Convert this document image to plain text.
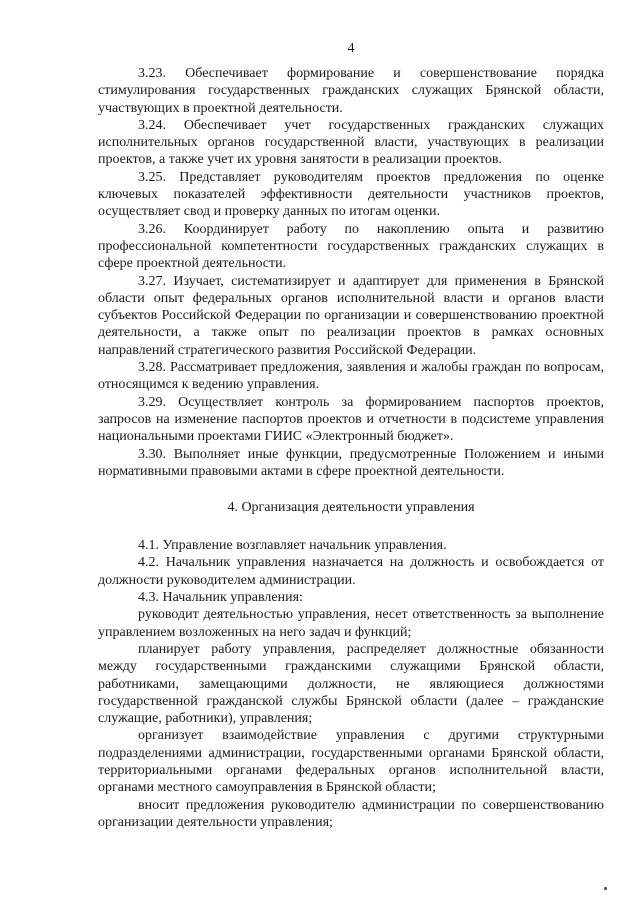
4

3.23. Обеспечивает формирование и совершенствование порядка стимулирования государственных гражданских служащих Брянской области, участвующих в проектной деятельности.

3.24. Обеспечивает учет государственных гражданских служащих исполнительных органов государственной власти, участвующих в реализации проектов, а также учет их уровня занятости в реализации проектов.

3.25. Представляет руководителям проектов предложения по оценке ключевых показателей эффективности деятельности участников проектов, осуществляет свод и проверку данных по итогам оценки.

3.26. Координирует работу по накоплению опыта и развитию профессиональной компетентности государственных гражданских служащих в сфере проектной деятельности.

3.27. Изучает, систематизирует и адаптирует для применения в Брянской области опыт федеральных органов исполнительной власти и органов власти субъектов Российской Федерации по организации и совершенствованию проектной деятельности, а также опыт по реализации проектов в рамках основных направлений стратегического развития Российской Федерации.

3.28. Рассматривает предложения, заявления и жалобы граждан по вопросам, относящимся к ведению управления.

3.29. Осуществляет контроль за формированием паспортов проектов, запросов на изменение паспортов проектов и отчетности в подсистеме управления национальными проектами ГИИС «Электронный бюджет».

3.30. Выполняет иные функции, предусмотренные Положением и иными нормативными правовыми актами в сфере проектной деятельности.

4. Организация деятельности управления

4.1. Управление возглавляет начальник управления.

4.2. Начальник управления назначается на должность и освобождается от должности руководителем администрации.

4.3. Начальник управления:

руководит деятельностью управления, несет ответственность за выполнение управлением возложенных на него задач и функций;

планирует работу управления, распределяет должностные обязанности между государственными гражданскими служащими Брянской области, работниками, замещающими должности, не являющиеся должностями государственной гражданской службы Брянской области (далее – гражданские служащие, работники), управления;

организует взаимодействие управления с другими структурными подразделениями администрации, государственными органами Брянской области, территориальными органами федеральных органов исполнительной власти, органами местного самоуправления в Брянской области;

вносит предложения руководителю администрации по совершенствованию организации деятельности управления;
